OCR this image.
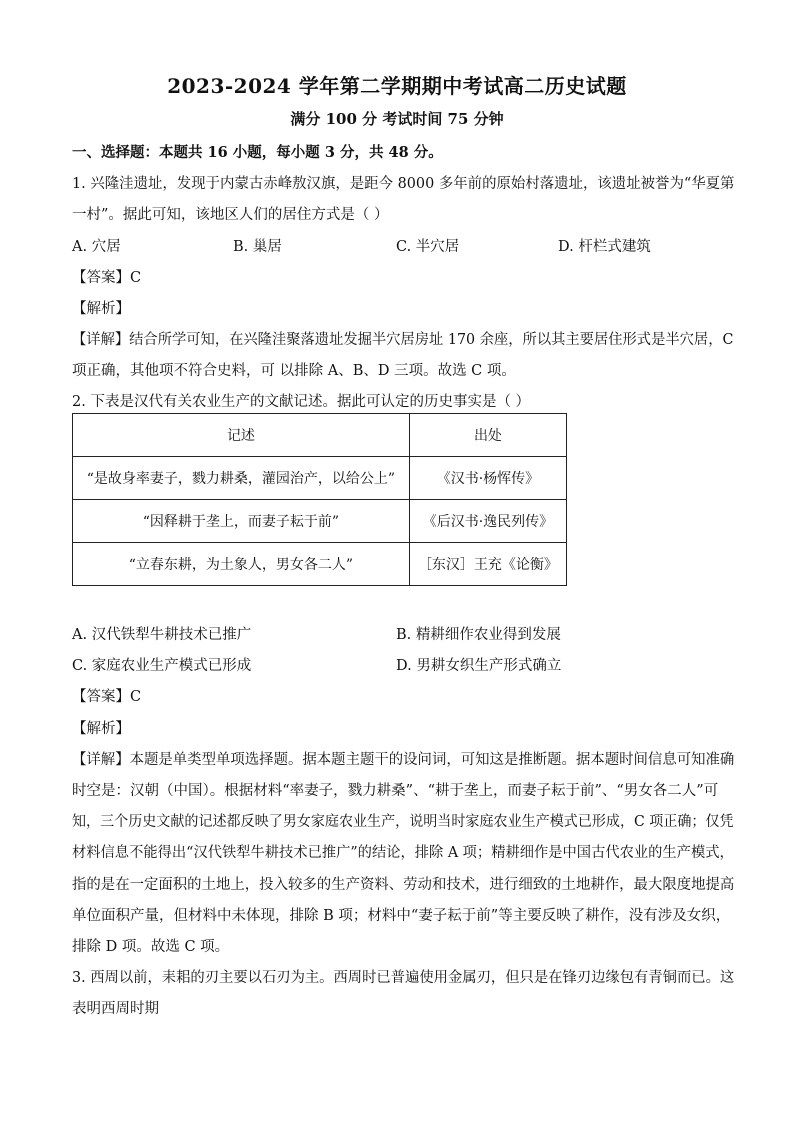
2023-2024 学年第二学期期中考试高二历史试题
满分 100 分 考试时间 75 分钟
一、选择题：本题共 16 小题，每小题 3 分，共 48 分。
1. 兴隆洼遗址，发现于内蒙古赤峰敖汉旗，是距今 8000 多年前的原始村落遗址，该遗址被誉为“华夏第
一村”。据此可知，该地区人们的居住方式是（ ）
A. 穴居	B. 巢居	C. 半穴居	D. 杆栏式建筑
【答案】C
【解析】
【详解】结合所学可知，在兴隆洼聚落遗址发掘半穴居房址 170 余座，所以其主要居住形式是半穴居，C
项正确，其他项不符合史料，可 以排除 A、B、D 三项。故选 C 项。
2. 下表是汉代有关农业生产的文献记述。据此可认定的历史事实是（ ）
记述	出处
“是故身率妻子，戮力耕桑，灌园治产，以给公上”	《汉书·杨恽传》
“因释耕于垄上，而妻子耘于前”	《后汉书·逸民列传》
“立春东耕，为土象人，男女各二人”	［东汉］王充《论衡》
A. 汉代铁犁牛耕技术已推广	B. 精耕细作农业得到发展
C. 家庭农业生产模式已形成	D. 男耕女织生产形式确立
【答案】C
【解析】
【详解】本题是单类型单项选择题。据本题主题干的设问词，可知这是推断题。据本题时间信息可知准确
时空是：汉朝（中国）。根据材料“率妻子，戮力耕桑”、“耕于垄上，而妻子耘于前”、“男女各二人”可
知，三个历史文献的记述都反映了男女家庭农业生产，说明当时家庭农业生产模式已形成，C 项正确；仅凭
材料信息不能得出“汉代铁犁牛耕技术已推广”的结论，排除 A 项；精耕细作是中国古代农业的生产模式，
指的是在一定面积的土地上，投入较多的生产资料、劳动和技术，进行细致的土地耕作，最大限度地提高
单位面积产量，但材料中未体现，排除 B 项；材料中“妻子耘于前”等主要反映了耕作，没有涉及女织，
排除 D 项。故选 C 项。
3. 西周以前，耒耜的刃主要以石刃为主。西周时已普遍使用金属刃，但只是在锋刃边缘包有青铜而已。这
表明西周时期
